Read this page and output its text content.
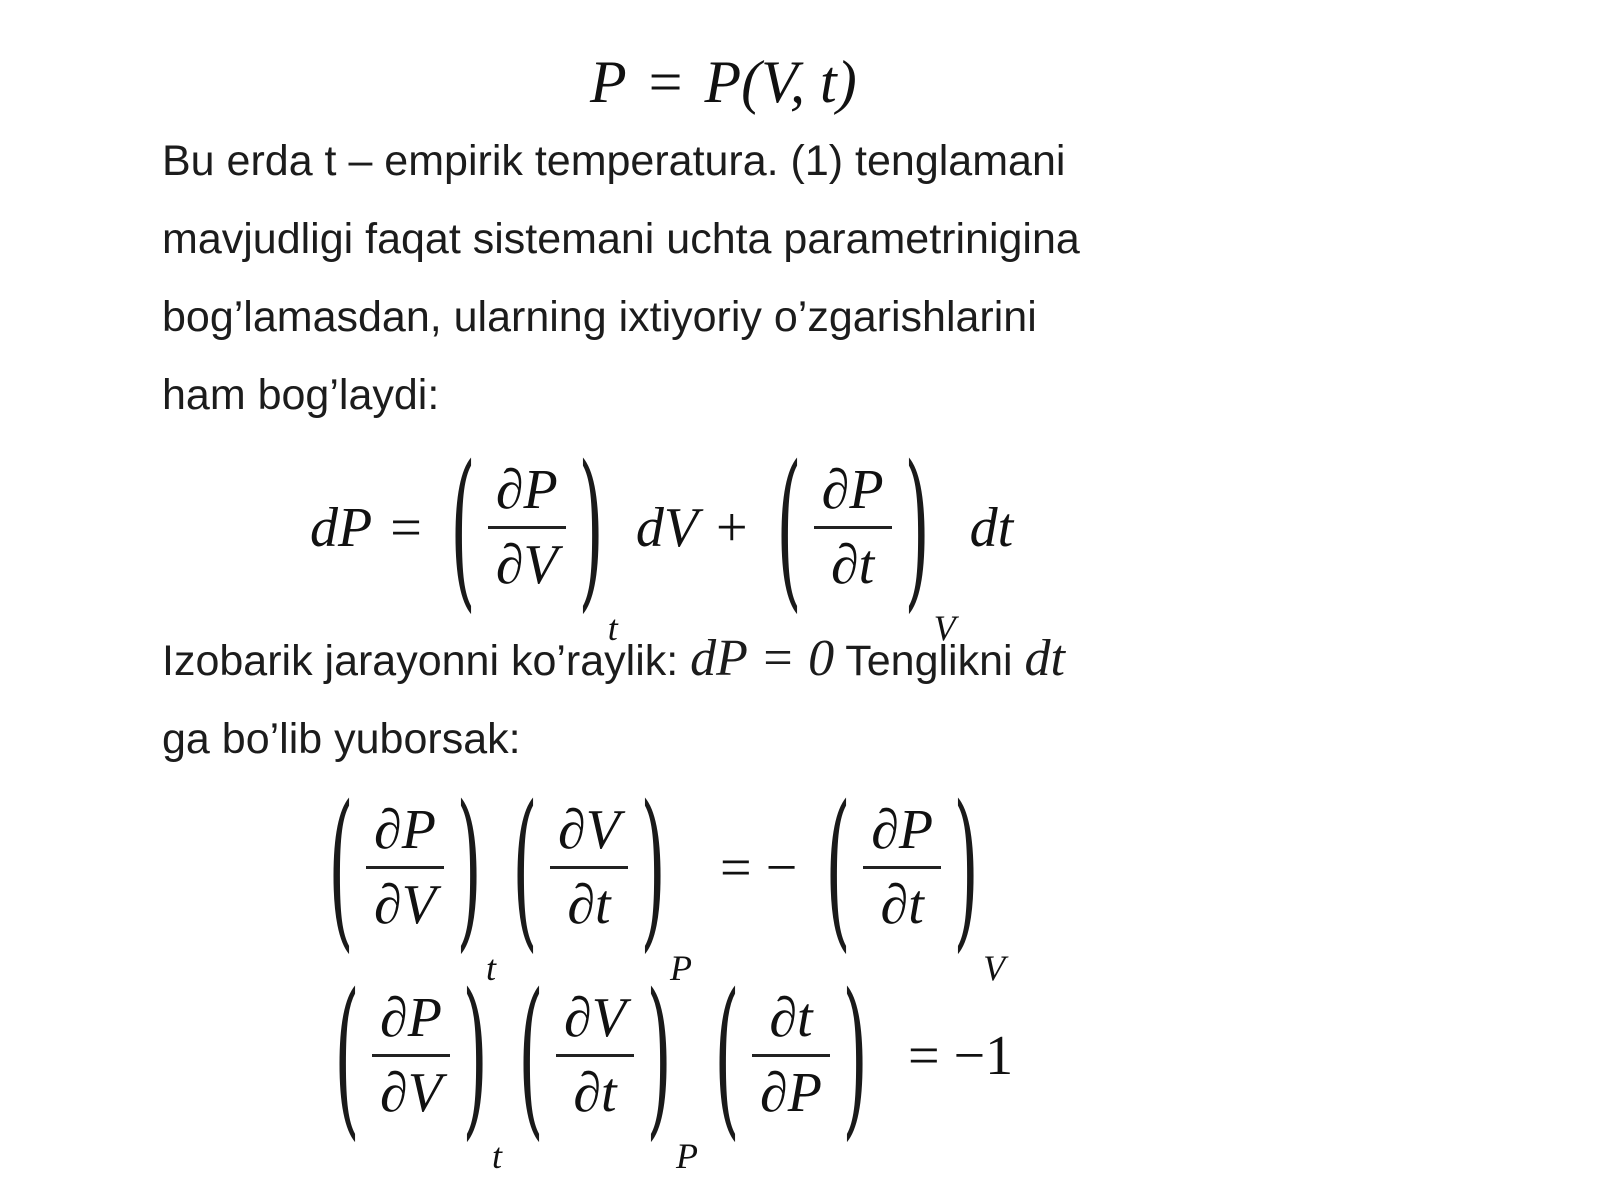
P = P(V, t)
Bu erda t – empirik temperatura. (1) tenglamani
mavjudligi faqat sistemani uchta parametrinigina
bog’lamasdan, ularning ixtiyoriy o’zgarishlarini
ham bog’laydi:
dP = ( $\frac{\partial P}{\partial V}$ )
t
dV + ( $\frac{\partial P}{\partial t}$ )
V
dt
Izobarik jarayonni ko’raylik: dP = 0 Tenglikni dt
ga bo’lib yuborsak:
( $\frac{\partial P}{\partial V}$ )
t
( $\frac{\partial V}{\partial t}$ )
P
= − ( $\frac{\partial P}{\partial t}$ )
V
( $\frac{\partial P}{\partial V}$ )
t
( $\frac{\partial V}{\partial t}$ )
P
( $\frac{\partial t}{\partial P}$ ) = −1
